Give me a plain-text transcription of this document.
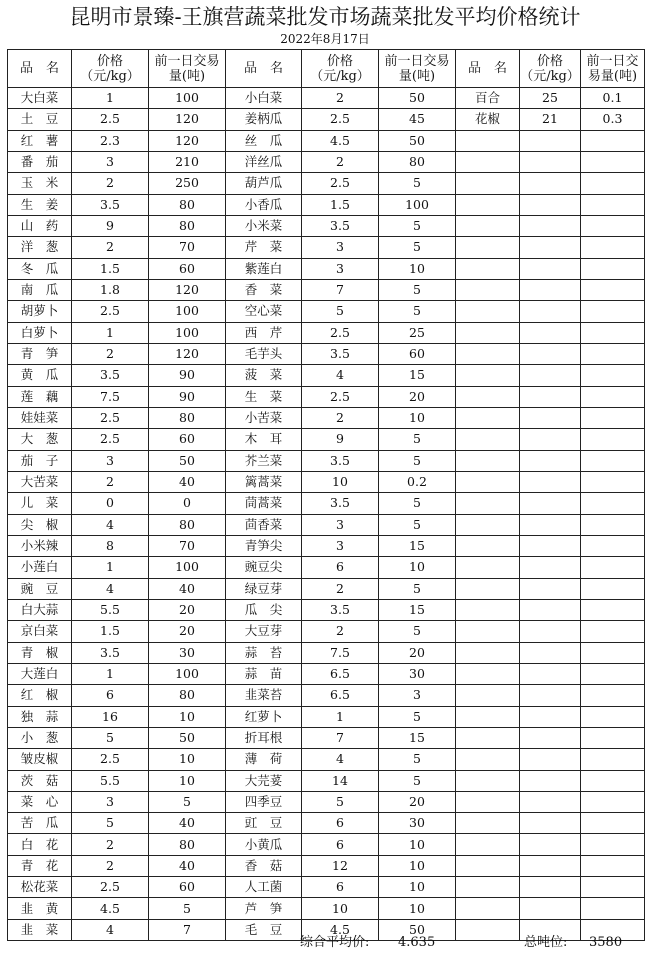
昆明市景臻-王旗营蔬菜批发市场蔬菜批发平均价格统计
2022年8月17日
品　名	价格（元/kg）	前一日交易量(吨)	品　名	价格（元/kg）	前一日交易量(吨)	品　名	价格（元/kg）	前一日交易量(吨)
大白菜	1	100	小白菜	2	50	百合	25	0.1
土　豆	2.5	120	姜柄瓜	2.5	45	花椒	21	0.3
红　薯	2.3	120	丝　瓜	4.5	50			
番　茄	3	210	洋丝瓜	2	80			
玉　米	2	250	葫芦瓜	2.5	5			
生　姜	3.5	80	小香瓜	1.5	100			
山　药	9	80	小米菜	3.5	5			
洋　葱	2	70	芹　菜	3	5			
冬　瓜	1.5	60	紫莲白	3	10			
南　瓜	1.8	120	香　菜	7	5			
胡萝卜	2.5	100	空心菜	5	5			
白萝卜	1	100	西　芹	2.5	25			
青　笋	2	120	毛芋头	3.5	60			
黄　瓜	3.5	90	菠　菜	4	15			
莲　藕	7.5	90	生　菜	2.5	20			
娃娃菜	2.5	80	小苦菜	2	10			
大　葱	2.5	60	木　耳	9	5			
茄　子	3	50	芥兰菜	3.5	5			
大苦菜	2	40	篱蒿菜	10	0.2			
儿　菜	0	0	茼蒿菜	3.5	5			
尖　椒	4	80	茴香菜	3	5			
小米辣	8	70	青笋尖	3	15			
小莲白	1	100	豌豆尖	6	10			
豌　豆	4	40	绿豆芽	2	5			
白大蒜	5.5	20	瓜　尖	3.5	15			
京白菜	1.5	20	大豆芽	2	5			
青　椒	3.5	30	蒜　苔	7.5	20			
大莲白	1	100	蒜　苗	6.5	30			
红　椒	6	80	韭菜苔	6.5	3			
独　蒜	16	10	红萝卜	1	5			
小　葱	5	50	折耳根	7	15			
皱皮椒	2.5	10	薄　荷	4	5			
茨　菇	5.5	10	大芫荽	14	5			
菜　心	3	5	四季豆	5	20			
苦　瓜	5	40	豇　豆	6	30			
白　花	2	80	小黄瓜	6	10			
青　花	2	40	香　菇	12	10			
松花菜	2.5	60	人工菌	6	10			
韭　黄	4.5	5	芦　笋	10	10			
韭　菜	4	7	毛　豆	4.5	50			
综合平均价: 4.635	总吨位: 3580
